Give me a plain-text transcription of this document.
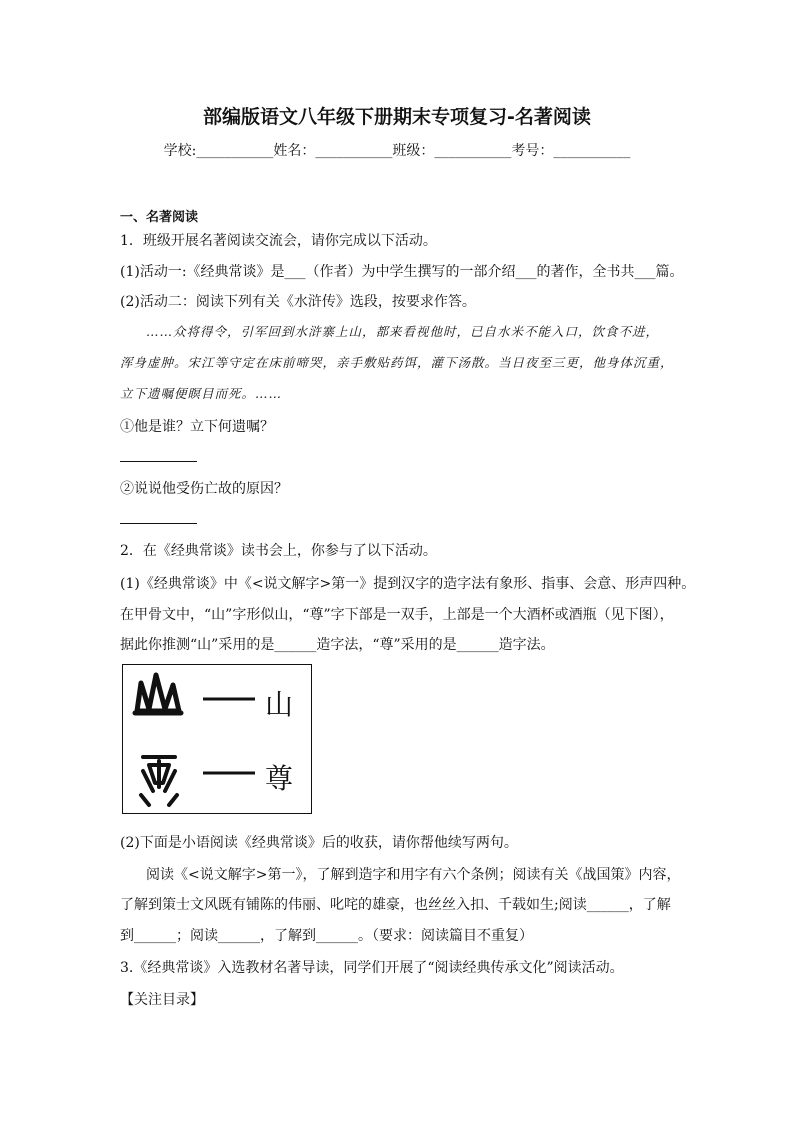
部编版语文八年级下册期末专项复习-名著阅读
学校:___________姓名：___________班级：___________考号：___________
一、名著阅读
1．班级开展名著阅读交流会，请你完成以下活动。
(1)活动一:《经典常谈》是___（作者）为中学生撰写的一部介绍___的著作，全书共___篇。
(2)活动二：阅读下列有关《水浒传》选段，按要求作答。
……众将得令，引军回到水浒寨上山，都来看视他时，已自水米不能入口，饮食不进，
浑身虚肿。宋江等守定在床前啼哭，亲手敷贴药饵，灌下汤散。当日夜至三更，他身体沉重，
立下遗嘱便瞑目而死。……
①他是谁？立下何遗嘱？
②说说他受伤亡故的原因？
2．在《经典常谈》读书会上，你参与了以下活动。
(1)《经典常谈》中《<说文解字>第一》提到汉字的造字法有象形、指事、会意、形声四种。
在甲骨文中，“山”字形似山，“尊”字下部是一双手，上部是一个大酒杯或酒瓶（见下图），
据此你推测“山”采用的是______造字法，“尊”采用的是______造字法。
山
尊
(2)下面是小语阅读《经典常谈》后的收获，请你帮他续写两句。
阅读《<说文解字>第一》，了解到造字和用字有六个条例；阅读有关《战国策》内容，
了解到策士文风既有铺陈的伟丽、叱咤的雄豪，也丝丝入扣、千载如生;阅读______，了解
到______；阅读______，了解到______。（要求：阅读篇目不重复）
3.《经典常谈》入选教材名著导读，同学们开展了“阅读经典传承文化”阅读活动。
【关注目录】
